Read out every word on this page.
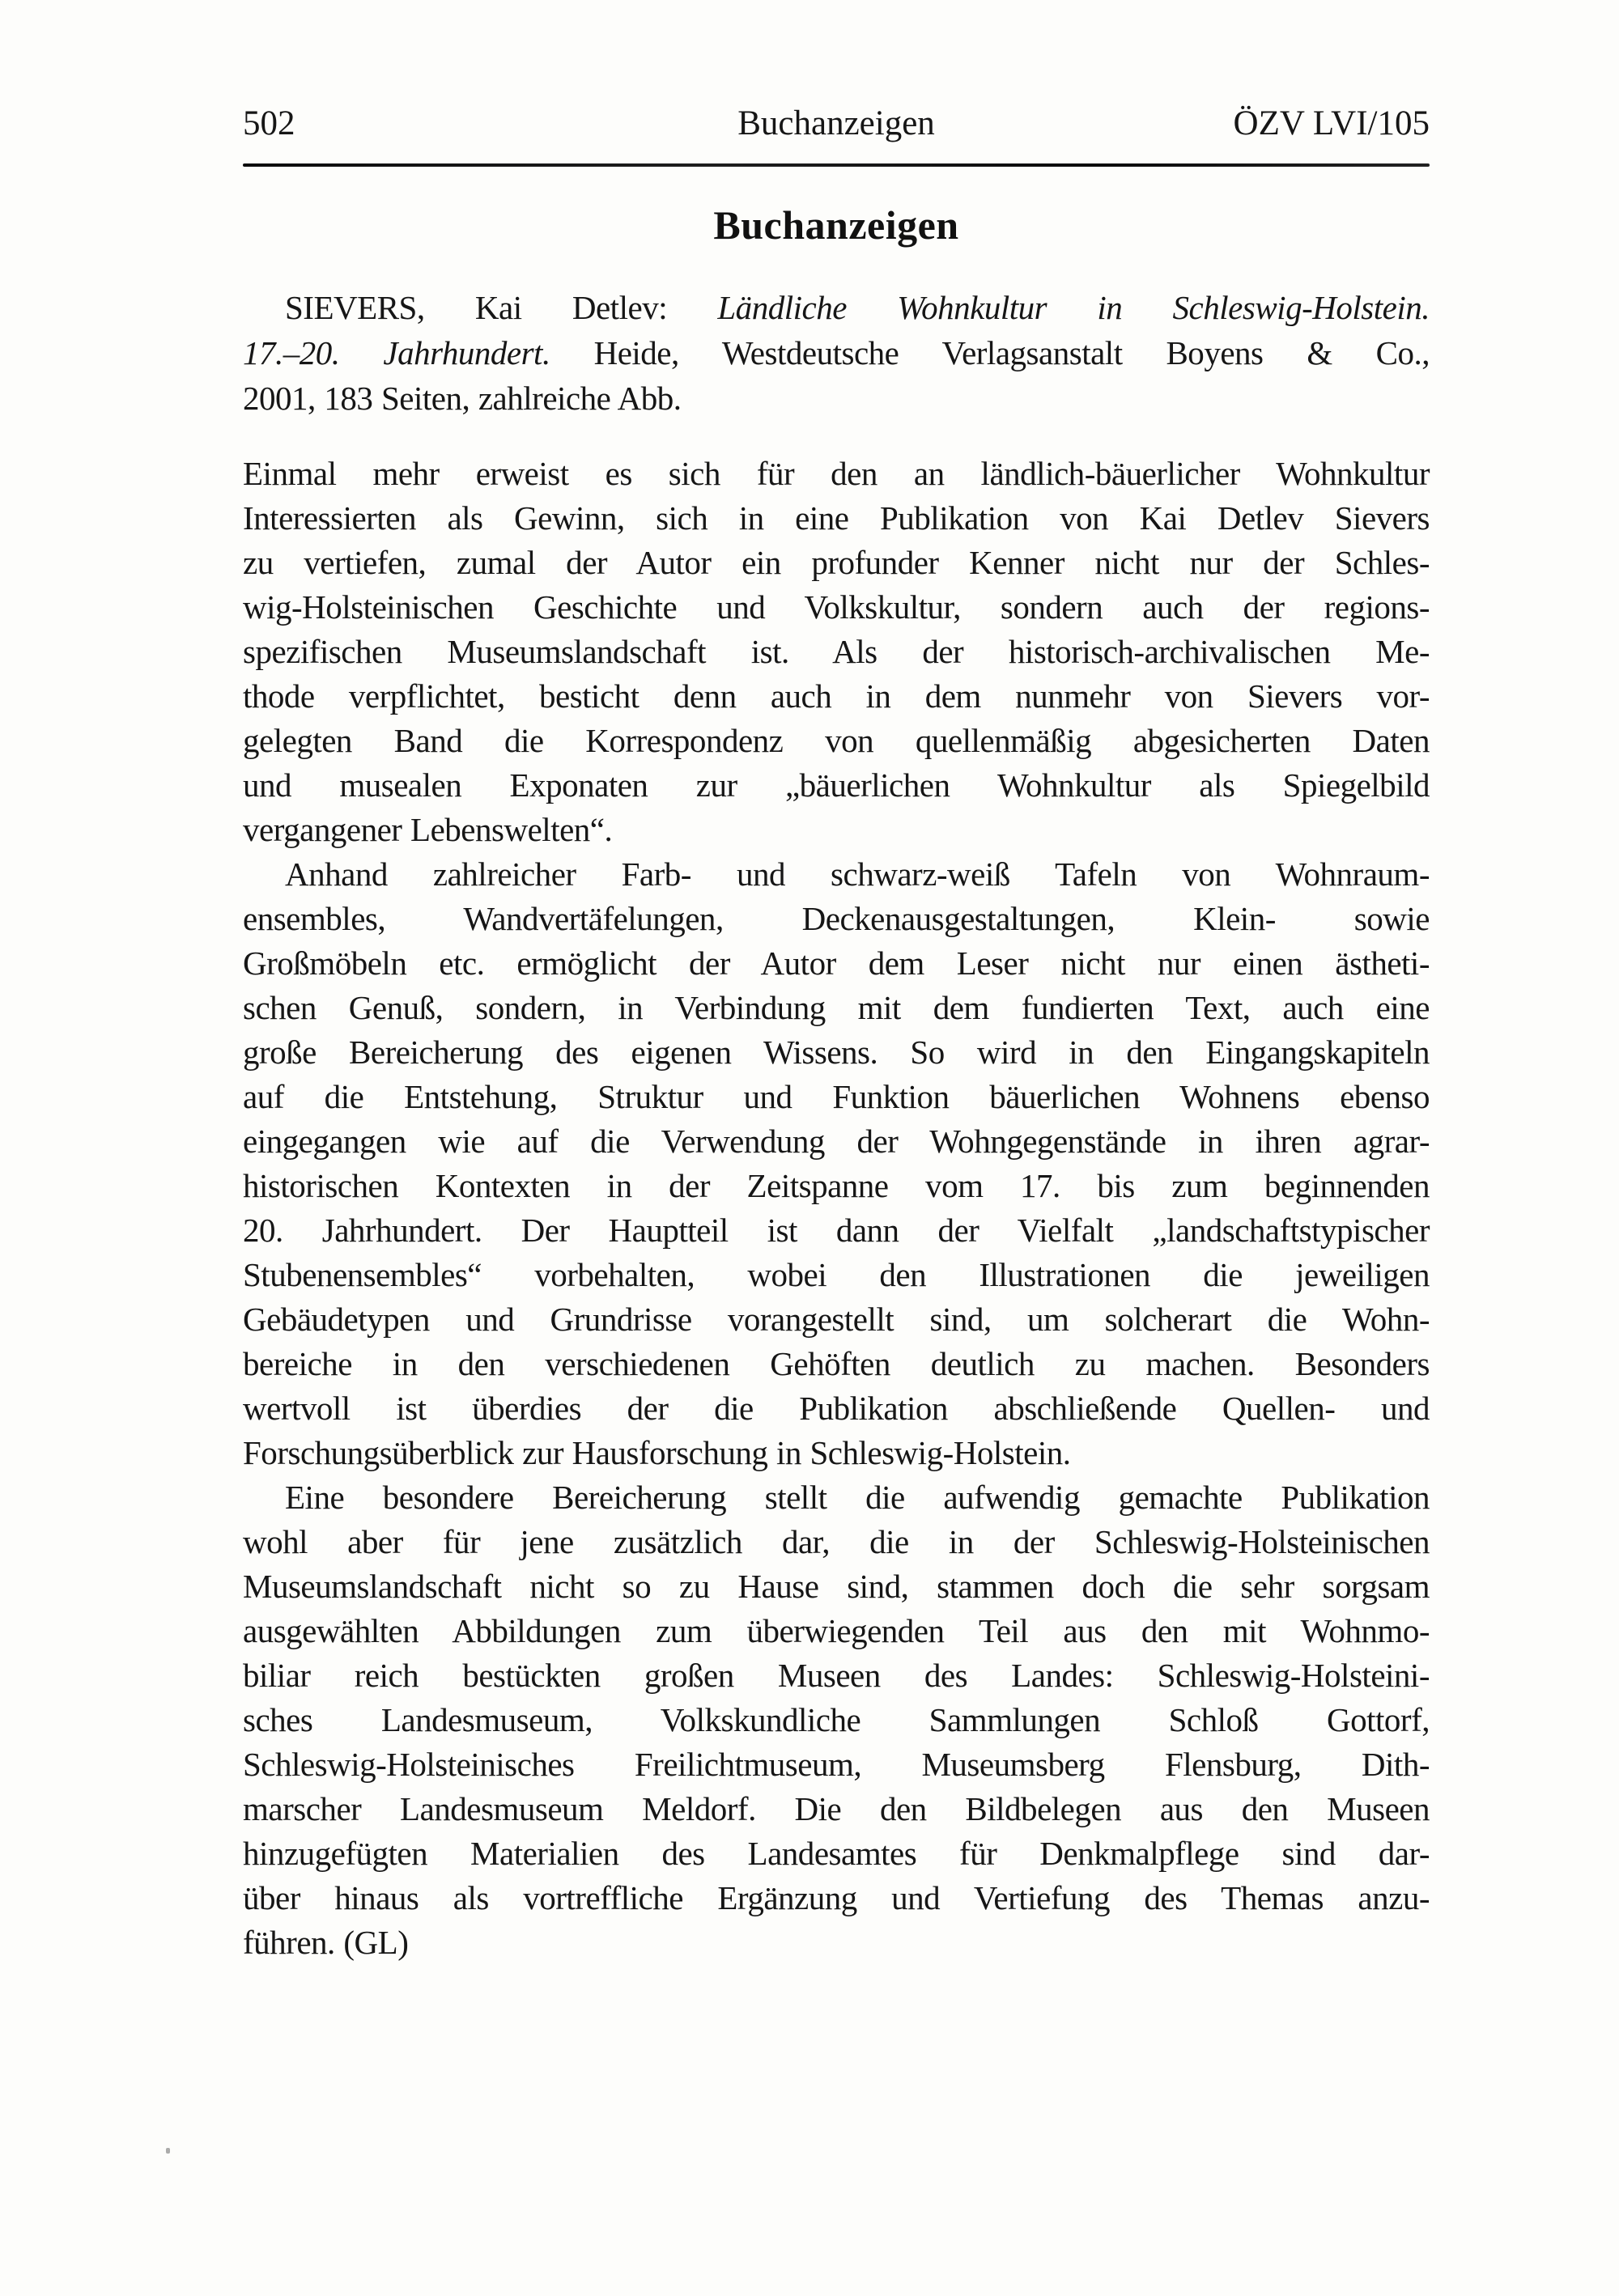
502	Buchanzeigen	ÖZV LVI/105
Buchanzeigen
SIEVERS, Kai Detlev: Ländliche Wohnkultur in Schleswig-Holstein.
17.–20. Jahrhundert. Heide, Westdeutsche Verlagsanstalt Boyens & Co.,
2001, 183 Seiten, zahlreiche Abb.
Einmal mehr erweist es sich für den an ländlich-bäuerlicher Wohnkultur
Interessierten als Gewinn, sich in eine Publikation von Kai Detlev Sievers
zu vertiefen, zumal der Autor ein profunder Kenner nicht nur der Schles-
wig-Holsteinischen Geschichte und Volkskultur, sondern auch der regions-
spezifischen Museumslandschaft ist. Als der historisch-archivalischen Me-
thode verpflichtet, besticht denn auch in dem nunmehr von Sievers vor-
gelegten Band die Korrespondenz von quellenmäßig abgesicherten Daten
und musealen Exponaten zur „bäuerlichen Wohnkultur als Spiegelbild
vergangener Lebenswelten“.
Anhand zahlreicher Farb- und schwarz-weiß Tafeln von Wohnraum-
ensembles, Wandvertäfelungen, Deckenausgestaltungen, Klein- sowie
Großmöbeln etc. ermöglicht der Autor dem Leser nicht nur einen ästheti-
schen Genuß, sondern, in Verbindung mit dem fundierten Text, auch eine
große Bereicherung des eigenen Wissens. So wird in den Eingangskapiteln
auf die Entstehung, Struktur und Funktion bäuerlichen Wohnens ebenso
eingegangen wie auf die Verwendung der Wohngegenstände in ihren agrar-
historischen Kontexten in der Zeitspanne vom 17. bis zum beginnenden
20. Jahrhundert. Der Hauptteil ist dann der Vielfalt „landschaftstypischer
Stubenensembles“ vorbehalten, wobei den Illustrationen die jeweiligen
Gebäudetypen und Grundrisse vorangestellt sind, um solcherart die Wohn-
bereiche in den verschiedenen Gehöften deutlich zu machen. Besonders
wertvoll ist überdies der die Publikation abschließende Quellen- und
Forschungsüberblick zur Hausforschung in Schleswig-Holstein.
Eine besondere Bereicherung stellt die aufwendig gemachte Publikation
wohl aber für jene zusätzlich dar, die in der Schleswig-Holsteinischen
Museumslandschaft nicht so zu Hause sind, stammen doch die sehr sorgsam
ausgewählten Abbildungen zum überwiegenden Teil aus den mit Wohnmo-
biliar reich bestückten großen Museen des Landes: Schleswig-Holsteini-
sches Landesmuseum, Volkskundliche Sammlungen Schloß Gottorf,
Schleswig-Holsteinisches Freilichtmuseum, Museumsberg Flensburg, Dith-
marscher Landesmuseum Meldorf. Die den Bildbelegen aus den Museen
hinzugefügten Materialien des Landesamtes für Denkmalpflege sind dar-
über hinaus als vortreffliche Ergänzung und Vertiefung des Themas anzu-
führen. (GL)
